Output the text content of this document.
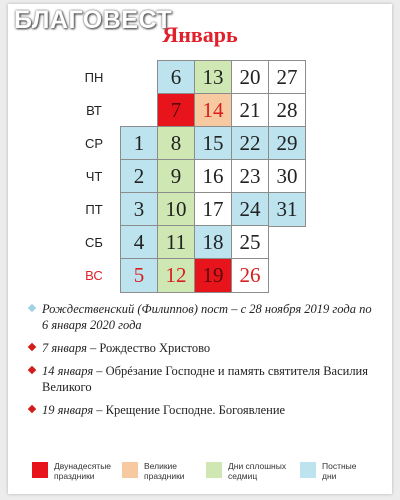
БЛАГОВЕСТ
Январь
ПН
ВТ
СР
ЧТ
ПТ
СБ
ВС
1
2
3
4
5
6
7
8
9
10
11
12
13
14
15
16
17
18
19
20
21
22
23
24
25
26
27
28
29
30
31
Рождественский (Филиппов) пост – с 28 ноября 2019 года по 6 января 2020 года
7 января – Рождество Христово
14 января – Обрéзание Господне и память святителя Василия Великого
19 января – Крещение Господне. Богоявление
Двунадесятые
праздники
Великие
праздники
Дни сплошных
седмиц
Постные
дни
